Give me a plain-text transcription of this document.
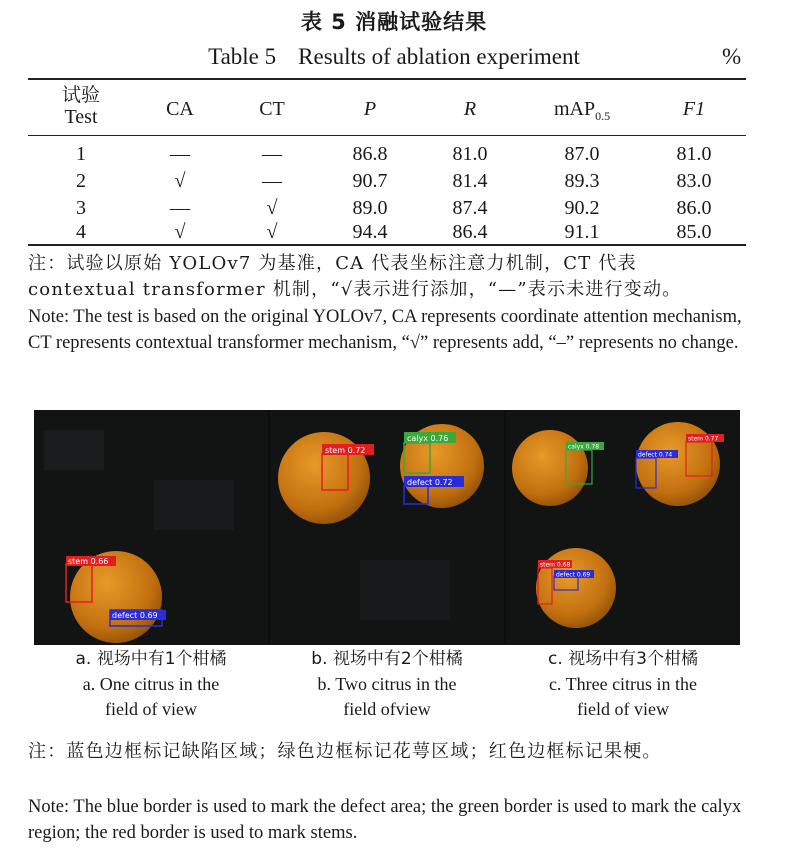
表 5 消融试验结果
Table 5 Results of ablation experiment	%
试验
Test	CA	CT	P	R	mAP$_{0.5}$	F1
1	—	—	86.8	81.0	87.0	81.0
2	√	—	90.7	81.4	89.3	83.0
3	—	√	89.0	87.4	90.2	86.0
4	√	√	94.4	86.4	91.1	85.0
注：试验以原始 YOLOv7 为基准，CA 代表坐标注意力机制，CT 代表 contextual transformer 机制，“√表示进行添加，“—”表示未进行变动。
Note: The test is based on the original YOLOv7, CA represents coordinate attention mechanism, CT represents contextual transformer mechanism, “√” represents add, “–” represents no change.
stem 0.66
defect 0.69
stem 0.72
calyx 0.76
defect 0.72
calyx 0.78
defect 0.74
stem 0.77
stem 0.68
defect 0.69
a. 视场中有1个柑橘
a. One citrus in the
field of view
b. 视场中有2个柑橘
b. Two citrus in the
field ofview
c. 视场中有3个柑橘
c. Three citrus in the
field of view
注：蓝色边框标记缺陷区域；绿色边框标记花萼区域；红色边框标记果梗。
Note: The blue border is used to mark the defect area; the green border is used to mark the calyx region; the red border is used to mark stems.
